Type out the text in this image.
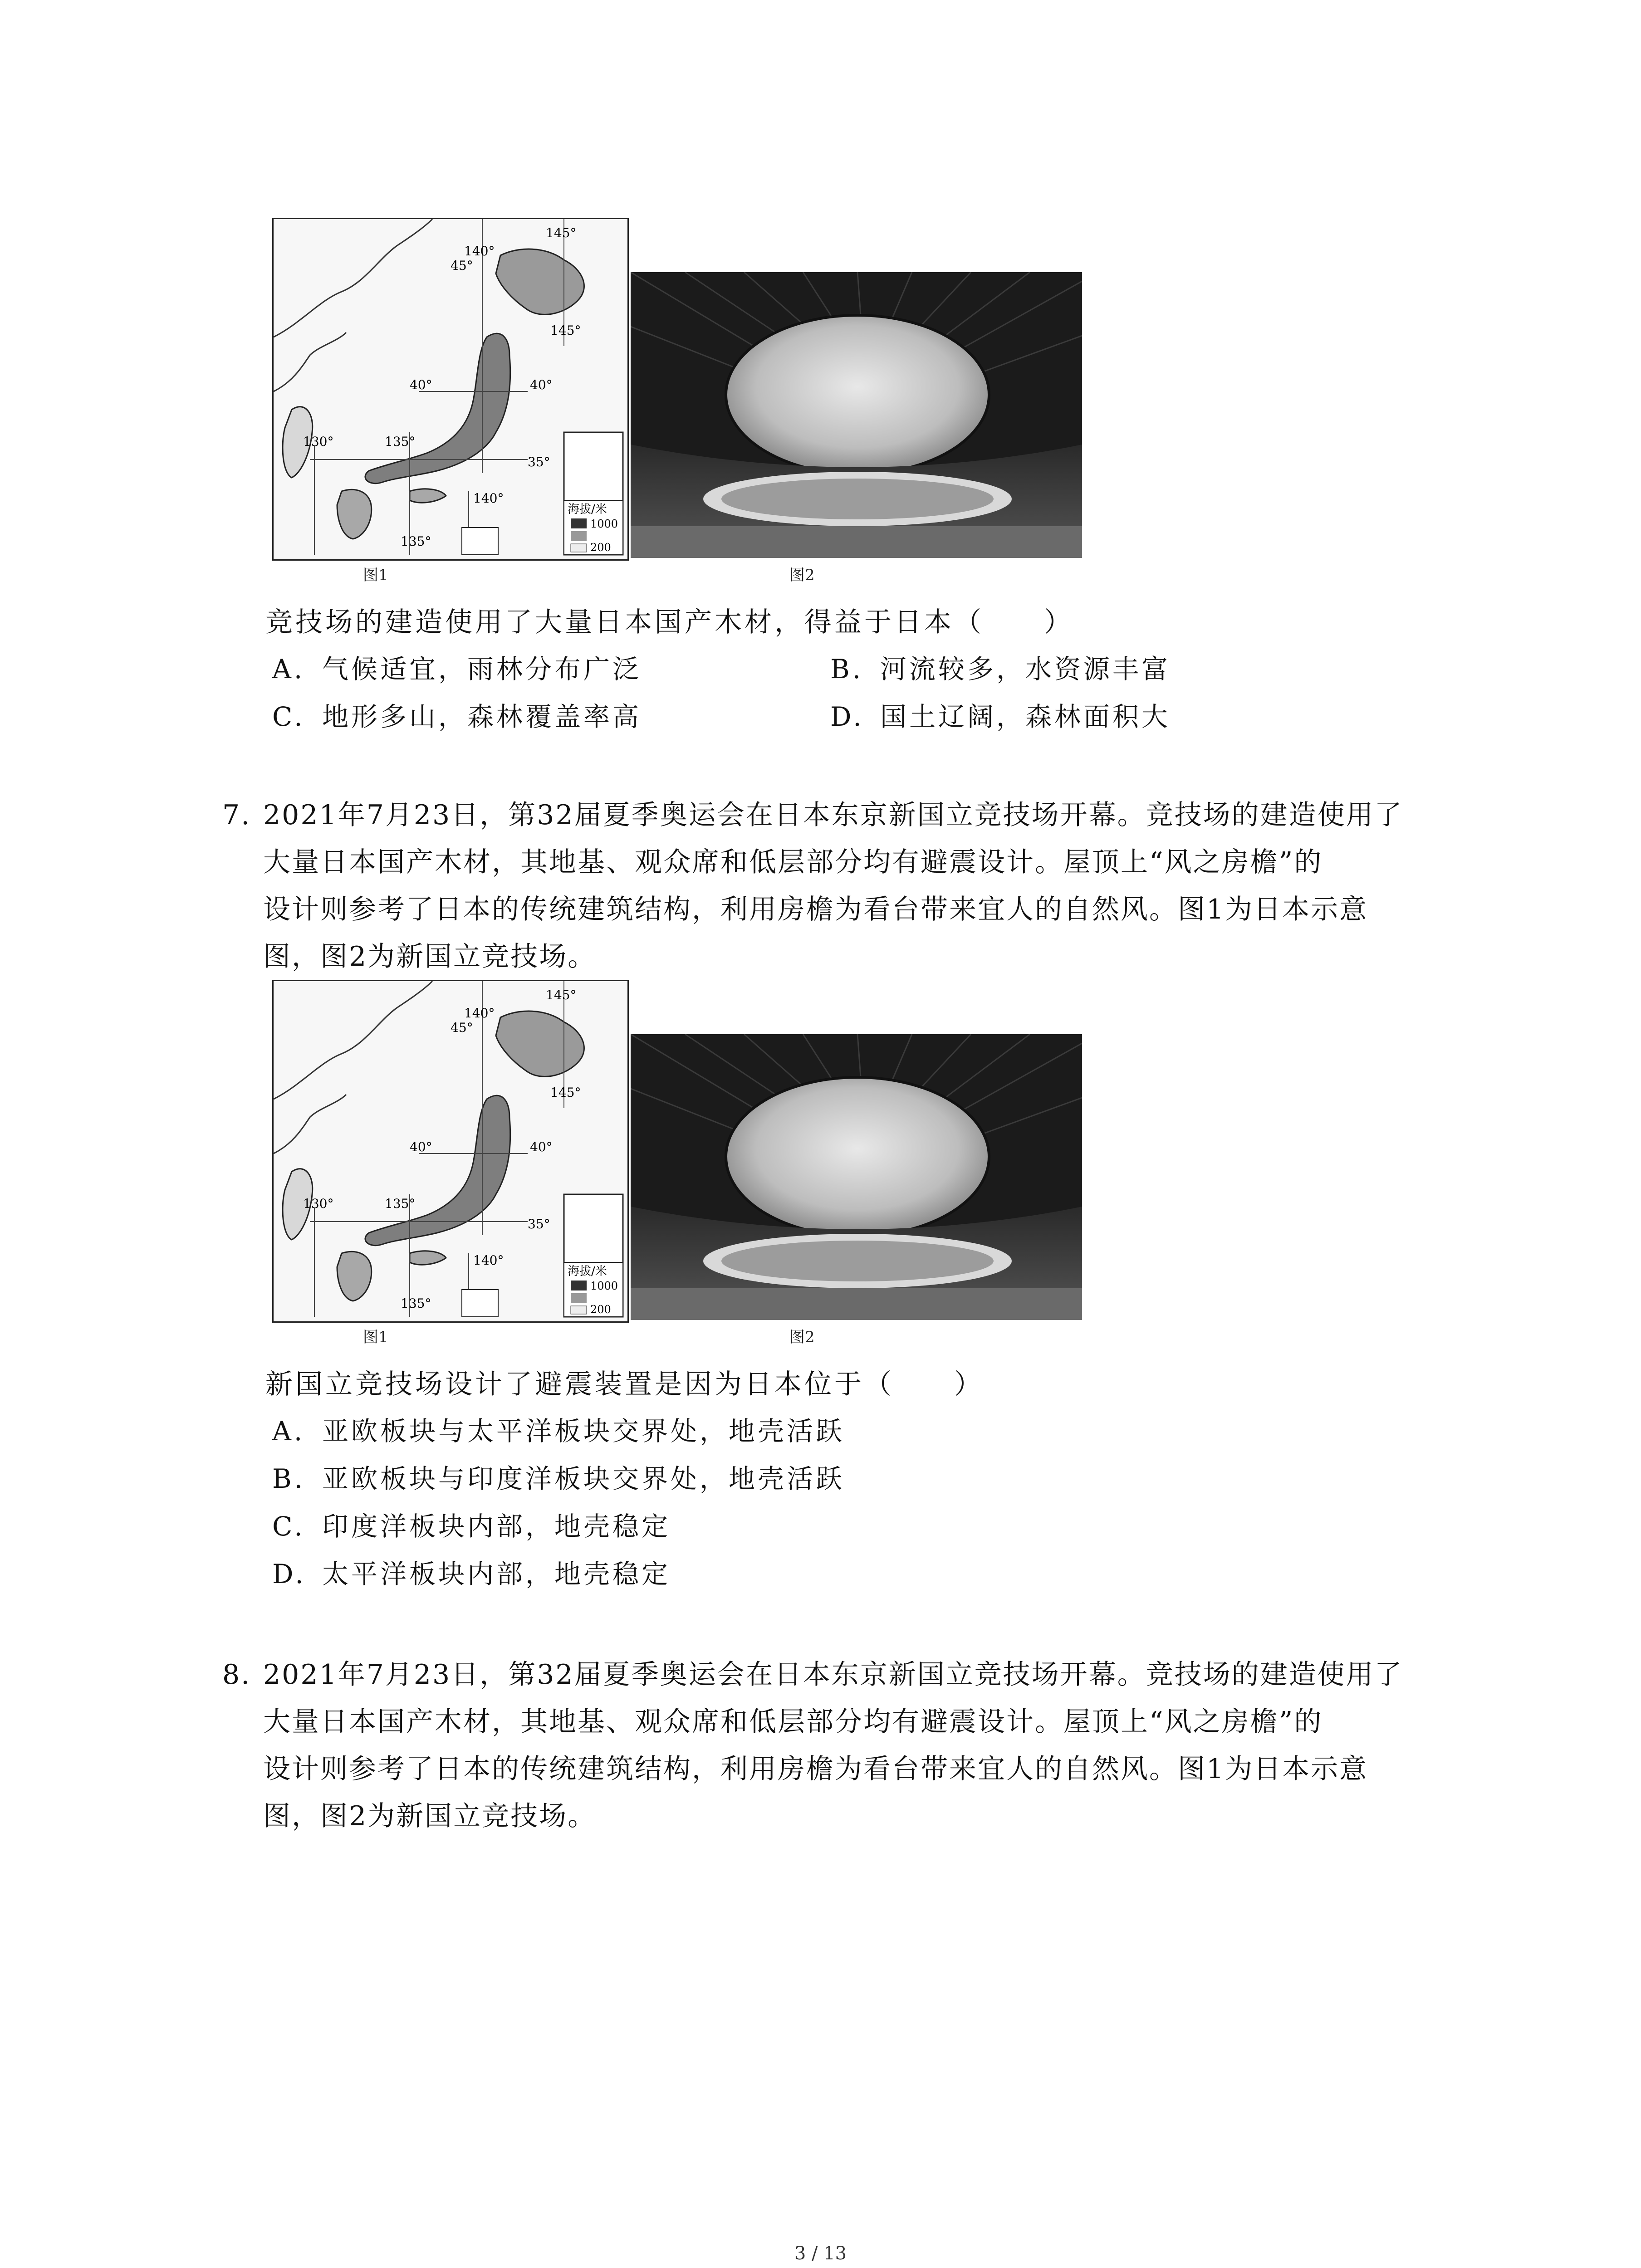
海拔/米
1000
200
145°
140°
45°
145°
40°	40°
130°	135°
35°
140°
135°
图1	图2
竞技场的建造使用了大量日本国产木材，得益于日本（　　）
A. 气候适宜，雨林分布广泛	B. 河流较多，水资源丰富
C. 地形多山，森林覆盖率高	D. 国土辽阔，森林面积大
7. 2021年7月23日，第32届夏季奥运会在日本东京新国立竞技场开幕。竞技场的建造使用了
大量日本国产木材，其地基、观众席和低层部分均有避震设计。屋顶上“风之房檐”的
设计则参考了日本的传统建筑结构，利用房檐为看台带来宜人的自然风。图1为日本示意
图，图2为新国立竞技场。
海拔/米
1000
200
145°
140°
45°
145°
40°	40°
130°	135°
35°
140°
135°
图1	图2
新国立竞技场设计了避震装置是因为日本位于（　　）
A. 亚欧板块与太平洋板块交界处，地壳活跃
B. 亚欧板块与印度洋板块交界处，地壳活跃
C. 印度洋板块内部，地壳稳定
D. 太平洋板块内部，地壳稳定
8. 2021年7月23日，第32届夏季奥运会在日本东京新国立竞技场开幕。竞技场的建造使用了
大量日本国产木材，其地基、观众席和低层部分均有避震设计。屋顶上“风之房檐”的
设计则参考了日本的传统建筑结构，利用房檐为看台带来宜人的自然风。图1为日本示意
图，图2为新国立竞技场。
3 / 13
